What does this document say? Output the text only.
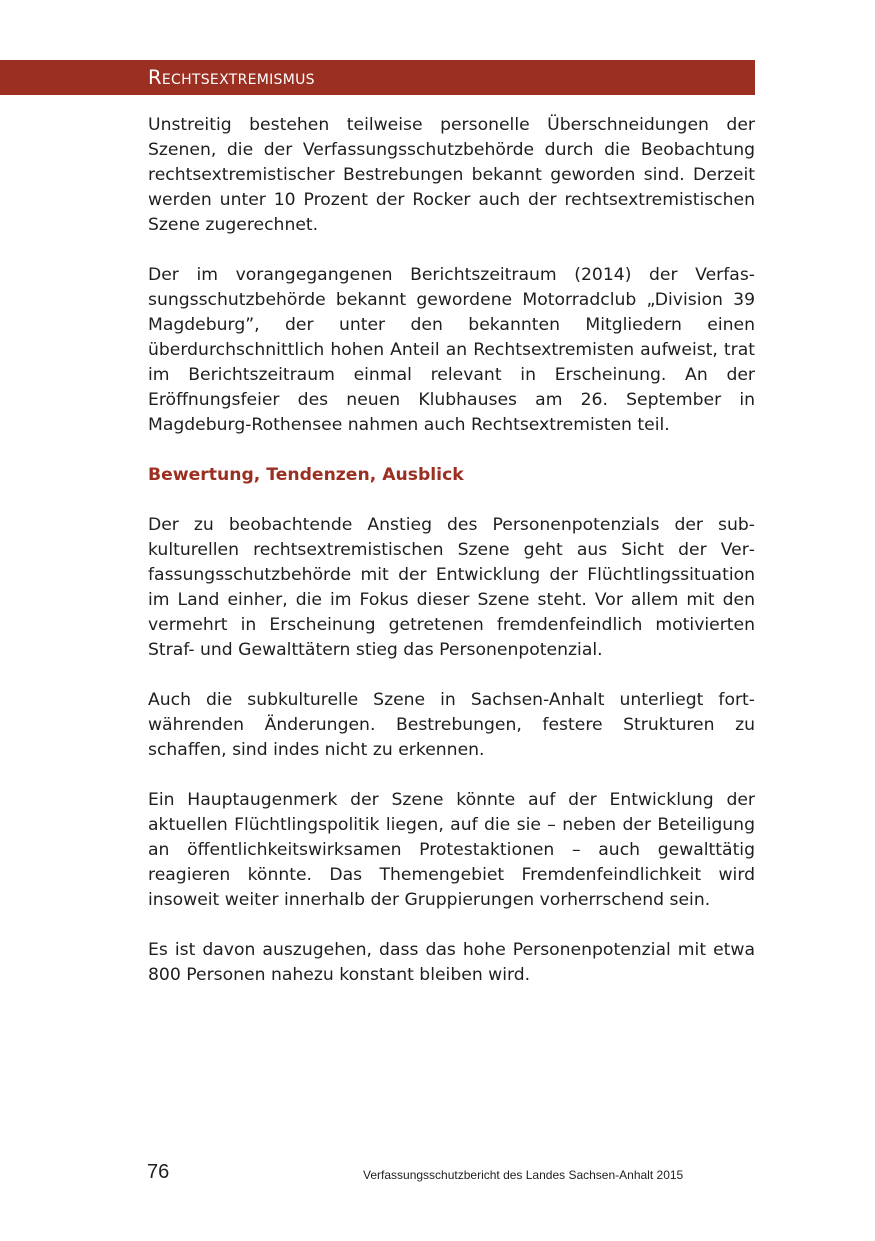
Rechtsextremismus

Unstreitig bestehen teilweise personelle Überschneidungen der Szenen, die der Verfassungsschutzbehörde durch die Beobachtung rechtsextremistischer Bestrebungen bekannt geworden sind. Derzeit werden unter 10 Prozent der Rocker auch der rechtsextremistischen Szene zugerechnet.

Der im vorangegangenen Berichtszeitraum (2014) der Verfassungsschutzbehörde bekannt gewordene Motorradclub „Division 39 Magdeburg”, der unter den bekannten Mitgliedern einen überdurchschnittlich hohen Anteil an Rechtsextremisten aufweist, trat im Berichtszeitraum einmal relevant in Erscheinung. An der Eröffnungsfeier des neuen Klubhauses am 26. September in Magdeburg-Rothensee nahmen auch Rechtsextremisten teil.

Bewertung, Tendenzen, Ausblick

Der zu beobachtende Anstieg des Personenpotenzials der subkulturellen rechtsextremistischen Szene geht aus Sicht der Verfassungsschutzbehörde mit der Entwicklung der Flüchtlingssituation im Land einher, die im Fokus dieser Szene steht. Vor allem mit den vermehrt in Erscheinung getretenen fremdenfeindlich motivierten Straf- und Gewalttätern stieg das Personenpotenzial.

Auch die subkulturelle Szene in Sachsen-Anhalt unterliegt fortwährenden Änderungen. Bestrebungen, festere Strukturen zu schaffen, sind indes nicht zu erkennen.

Ein Hauptaugenmerk der Szene könnte auf der Entwicklung der aktuellen Flüchtlingspolitik liegen, auf die sie – neben der Beteiligung an öffentlichkeitswirksamen Protestaktionen – auch gewalttätig reagieren könnte. Das Themengebiet Fremdenfeindlichkeit wird insoweit weiter innerhalb der Gruppierungen vorherrschend sein.

Es ist davon auszugehen, dass das hohe Personenpotenzial mit etwa 800 Personen nahezu konstant bleiben wird.

76	Verfassungsschutzbericht des Landes Sachsen-Anhalt 2015
